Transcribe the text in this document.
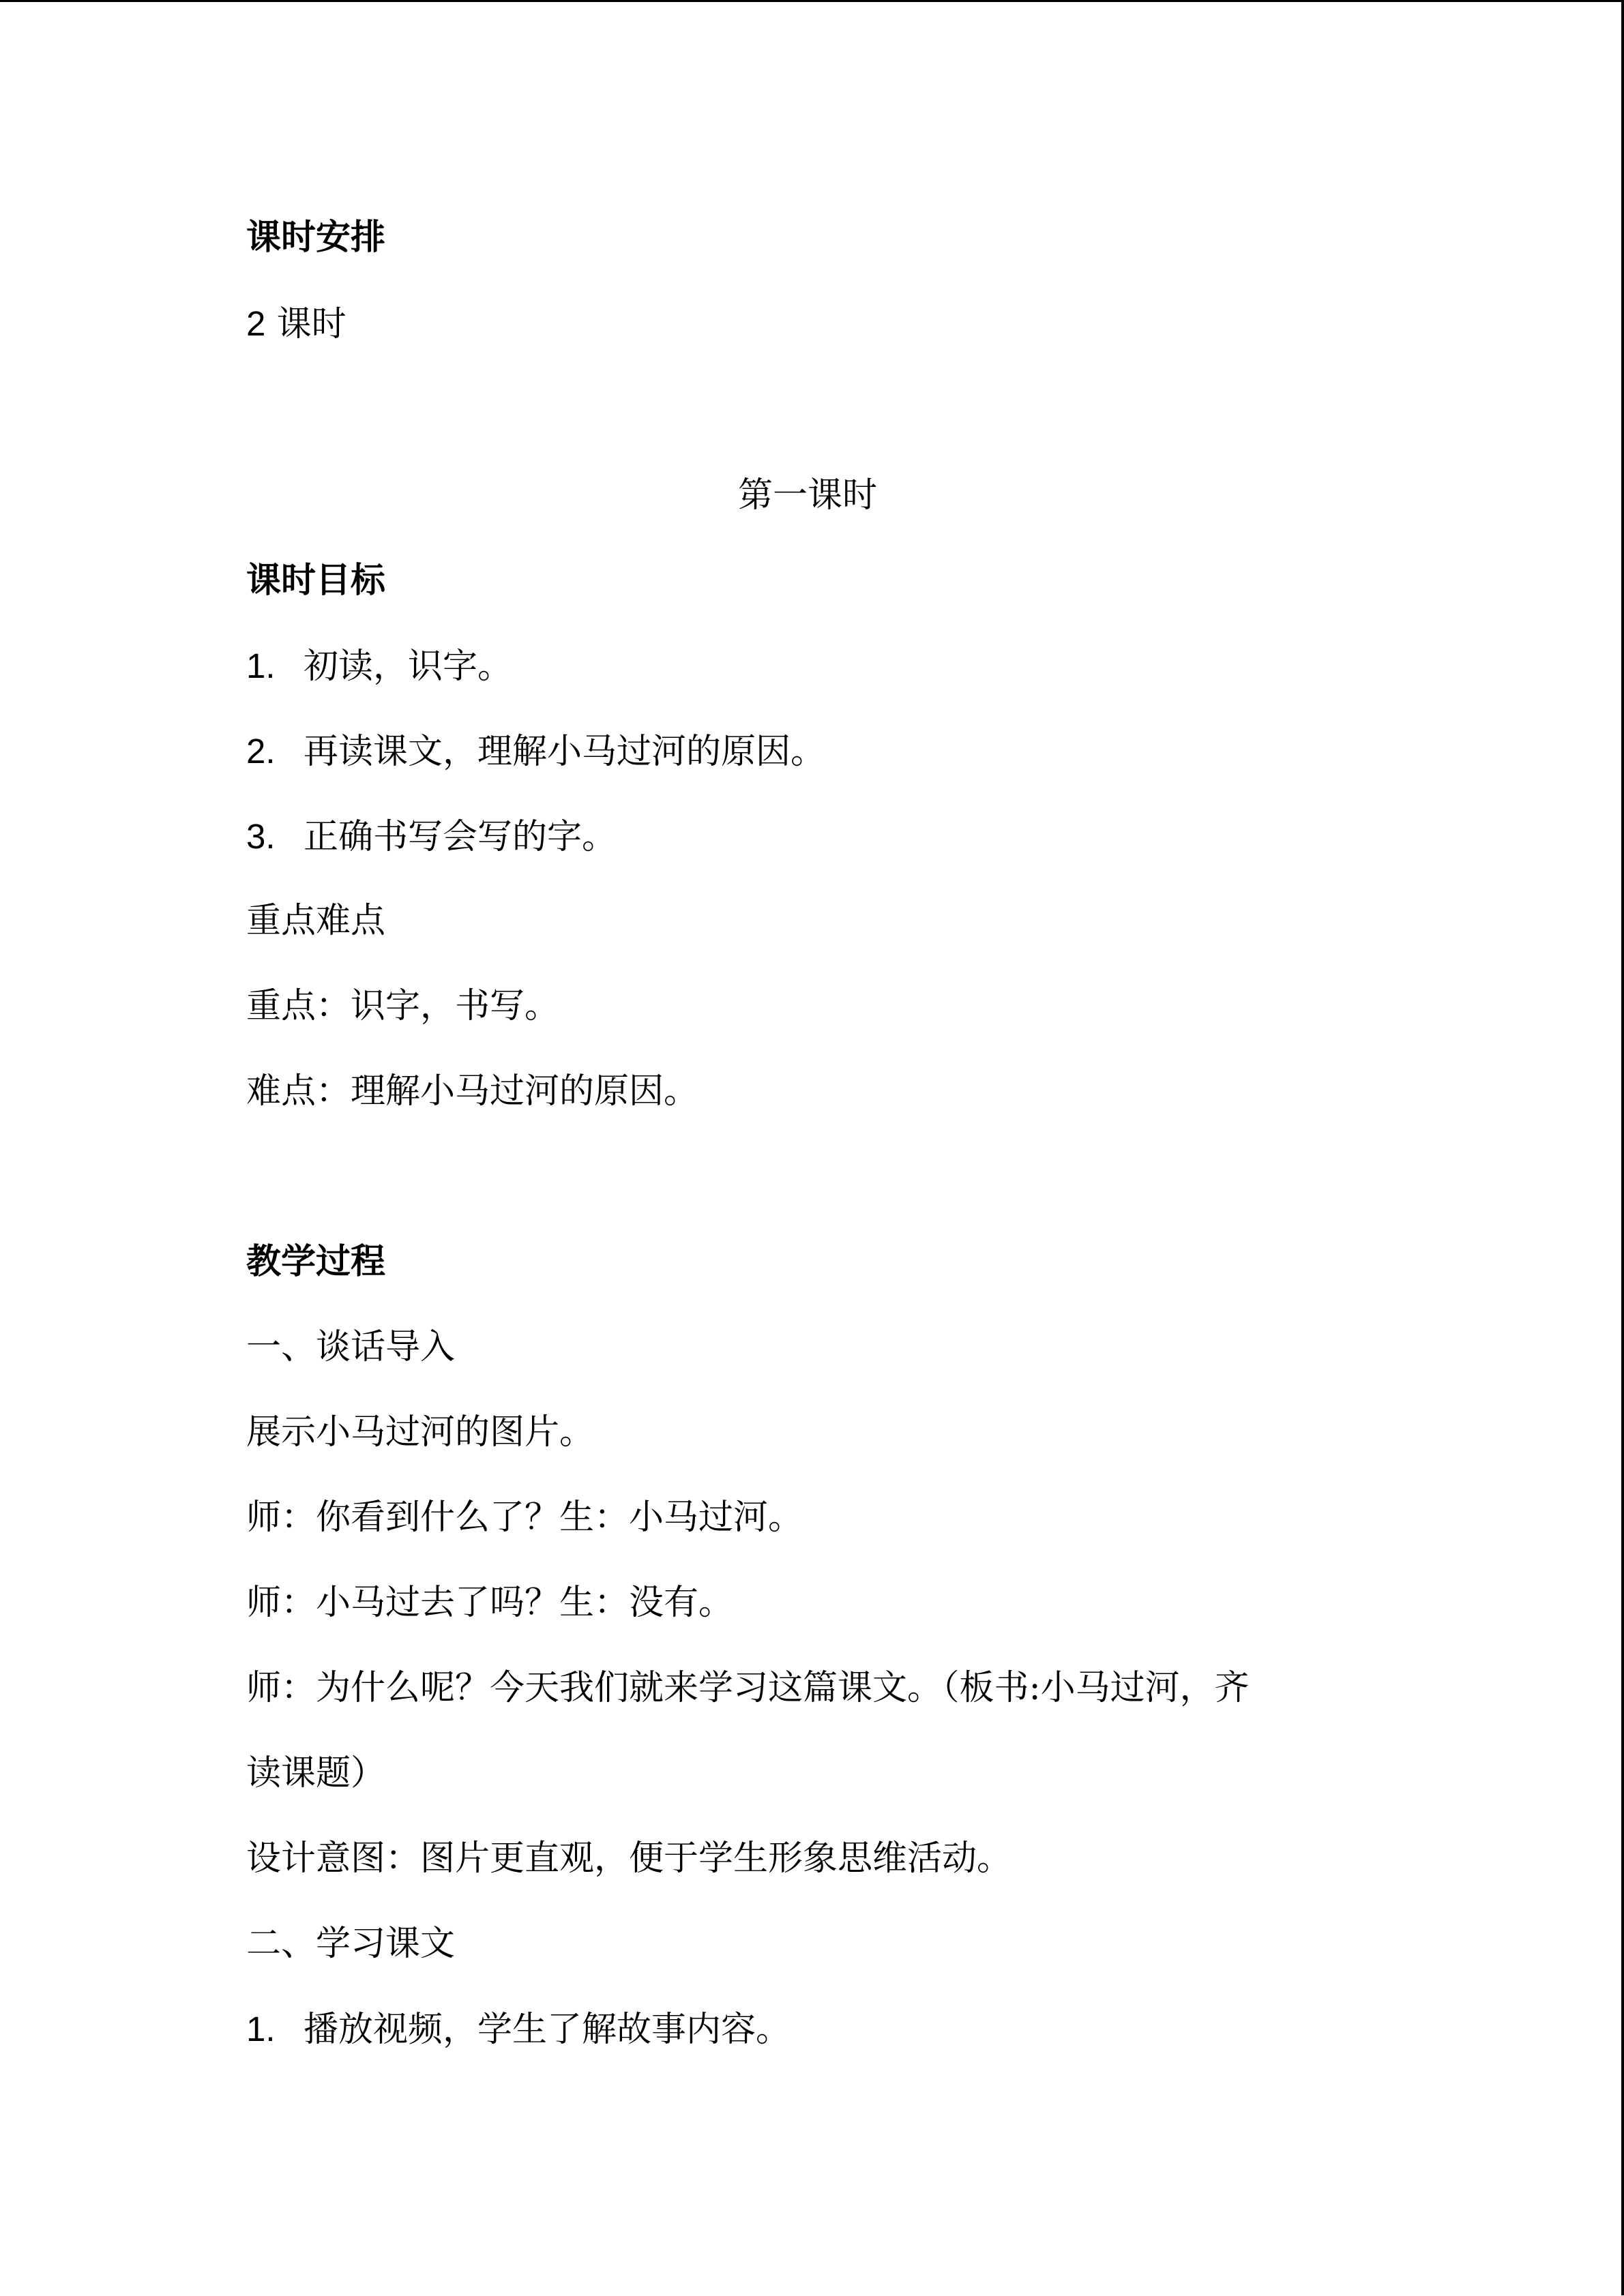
课时安排

2 课时

第一课时

课时目标

1. 初读，识字。

2. 再读课文，理解小马过河的原因。

3. 正确书写会写的字。

重点难点

重点：识字，书写。

难点：理解小马过河的原因。

教学过程

一、谈话导入

展示小马过河的图片。

师：你看到什么了？生：小马过河。

师：小马过去了吗？生：没有。

师：为什么呢？今天我们就来学习这篇课文。（板书:小马过河，齐

读课题）

设计意图：图片更直观，便于学生形象思维活动。

二、学习课文

1. 播放视频，学生了解故事内容。
